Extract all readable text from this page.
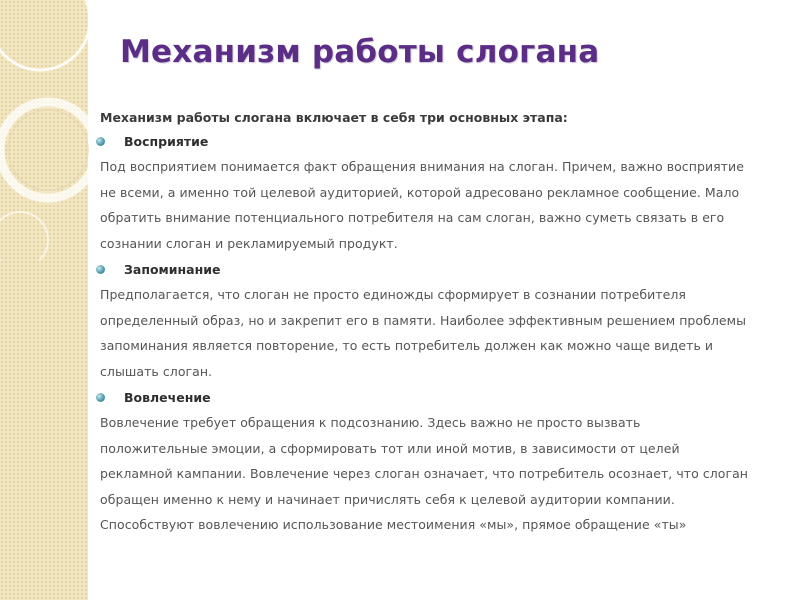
Механизм работы слогана

Механизм работы слогана включает в себя три основных этапа:

Восприятие

Под восприятием понимается факт обращения внимания на слоган. Причем, важно восприятие не всеми, а именно той целевой аудиторией, которой адресовано рекламное сообщение. Мало обратить внимание потенциального потребителя на сам слоган, важно суметь связать в его сознании слоган и рекламируемый продукт.

Запоминание

Предполагается, что слоган не просто единожды сформирует в сознании потребителя определенный образ, но и закрепит его в памяти. Наиболее эффективным решением проблемы запоминания является повторение, то есть потребитель должен как можно чаще видеть и слышать слоган.

Вовлечение

Вовлечение требует обращения к подсознанию. Здесь важно не просто вызвать положительные эмоции, а сформировать тот или иной мотив, в зависимости от целей рекламной кампании. Вовлечение через слоган означает, что потребитель осознает, что слоган обращен именно к нему и начинает причислять себя к целевой аудитории компании. Способствуют вовлечению использование местоимения «мы», прямое обращение «ты»
